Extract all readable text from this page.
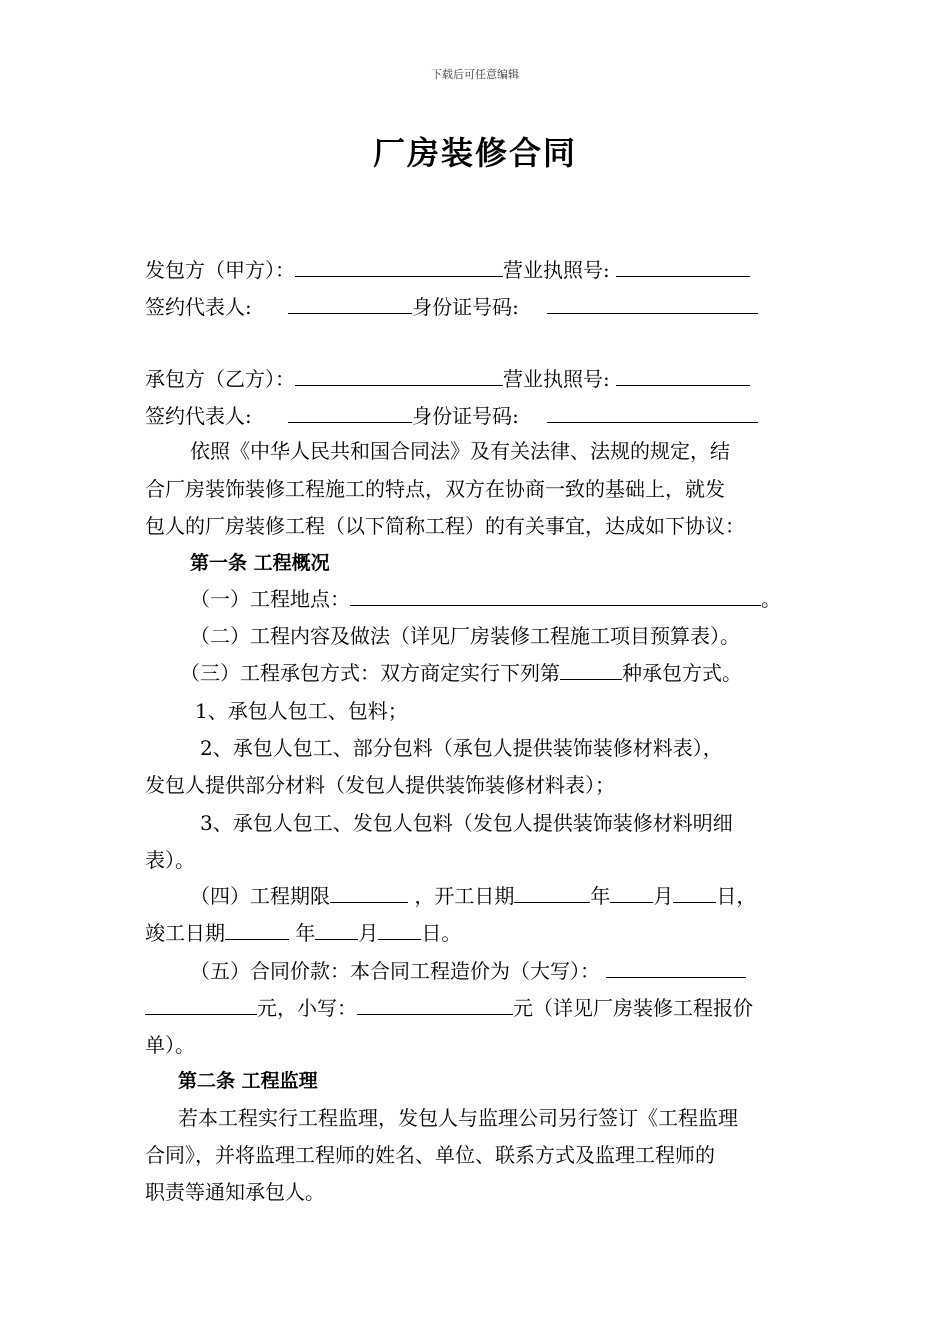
下载后可任意编辑
厂房装修合同
发包方（甲方）：	营业执照号:
签约代表人:	身份证号码:
承包方（乙方）：	营业执照号:
签约代表人:	身份证号码:
依照《中华人民共和国合同法》及有关法律、法规的规定，结
合厂房装饰装修工程施工的特点，双方在协商一致的基础上，就发
包人的厂房装修工程（以下简称工程）的有关事宜，达成如下协议：
第一条 工程概况
（一）工程地点：	。
（二）工程内容及做法（详见厂房装修工程施工项目预算表）。
（三）工程承包方式：双方商定实行下列第	种承包方式。
1、承包人包工、包料；
2、承包人包工、部分包料（承包人提供装饰装修材料表），
发包人提供部分材料（发包人提供装饰装修材料表）；
3、承包人包工、发包人包料（发包人提供装饰装修材料明细
表）。
（四）工程期限	，开工日期	年 月 日，
竣工日期	年 月 日。
（五）合同价款：本合同工程造价为（大写）：
元，小写：	元（详见厂房装修工程报价
单）。
第二条 工程监理
若本工程实行工程监理，发包人与监理公司另行签订《工程监理
合同》，并将监理工程师的姓名、单位、联系方式及监理工程师的
职责等通知承包人。
